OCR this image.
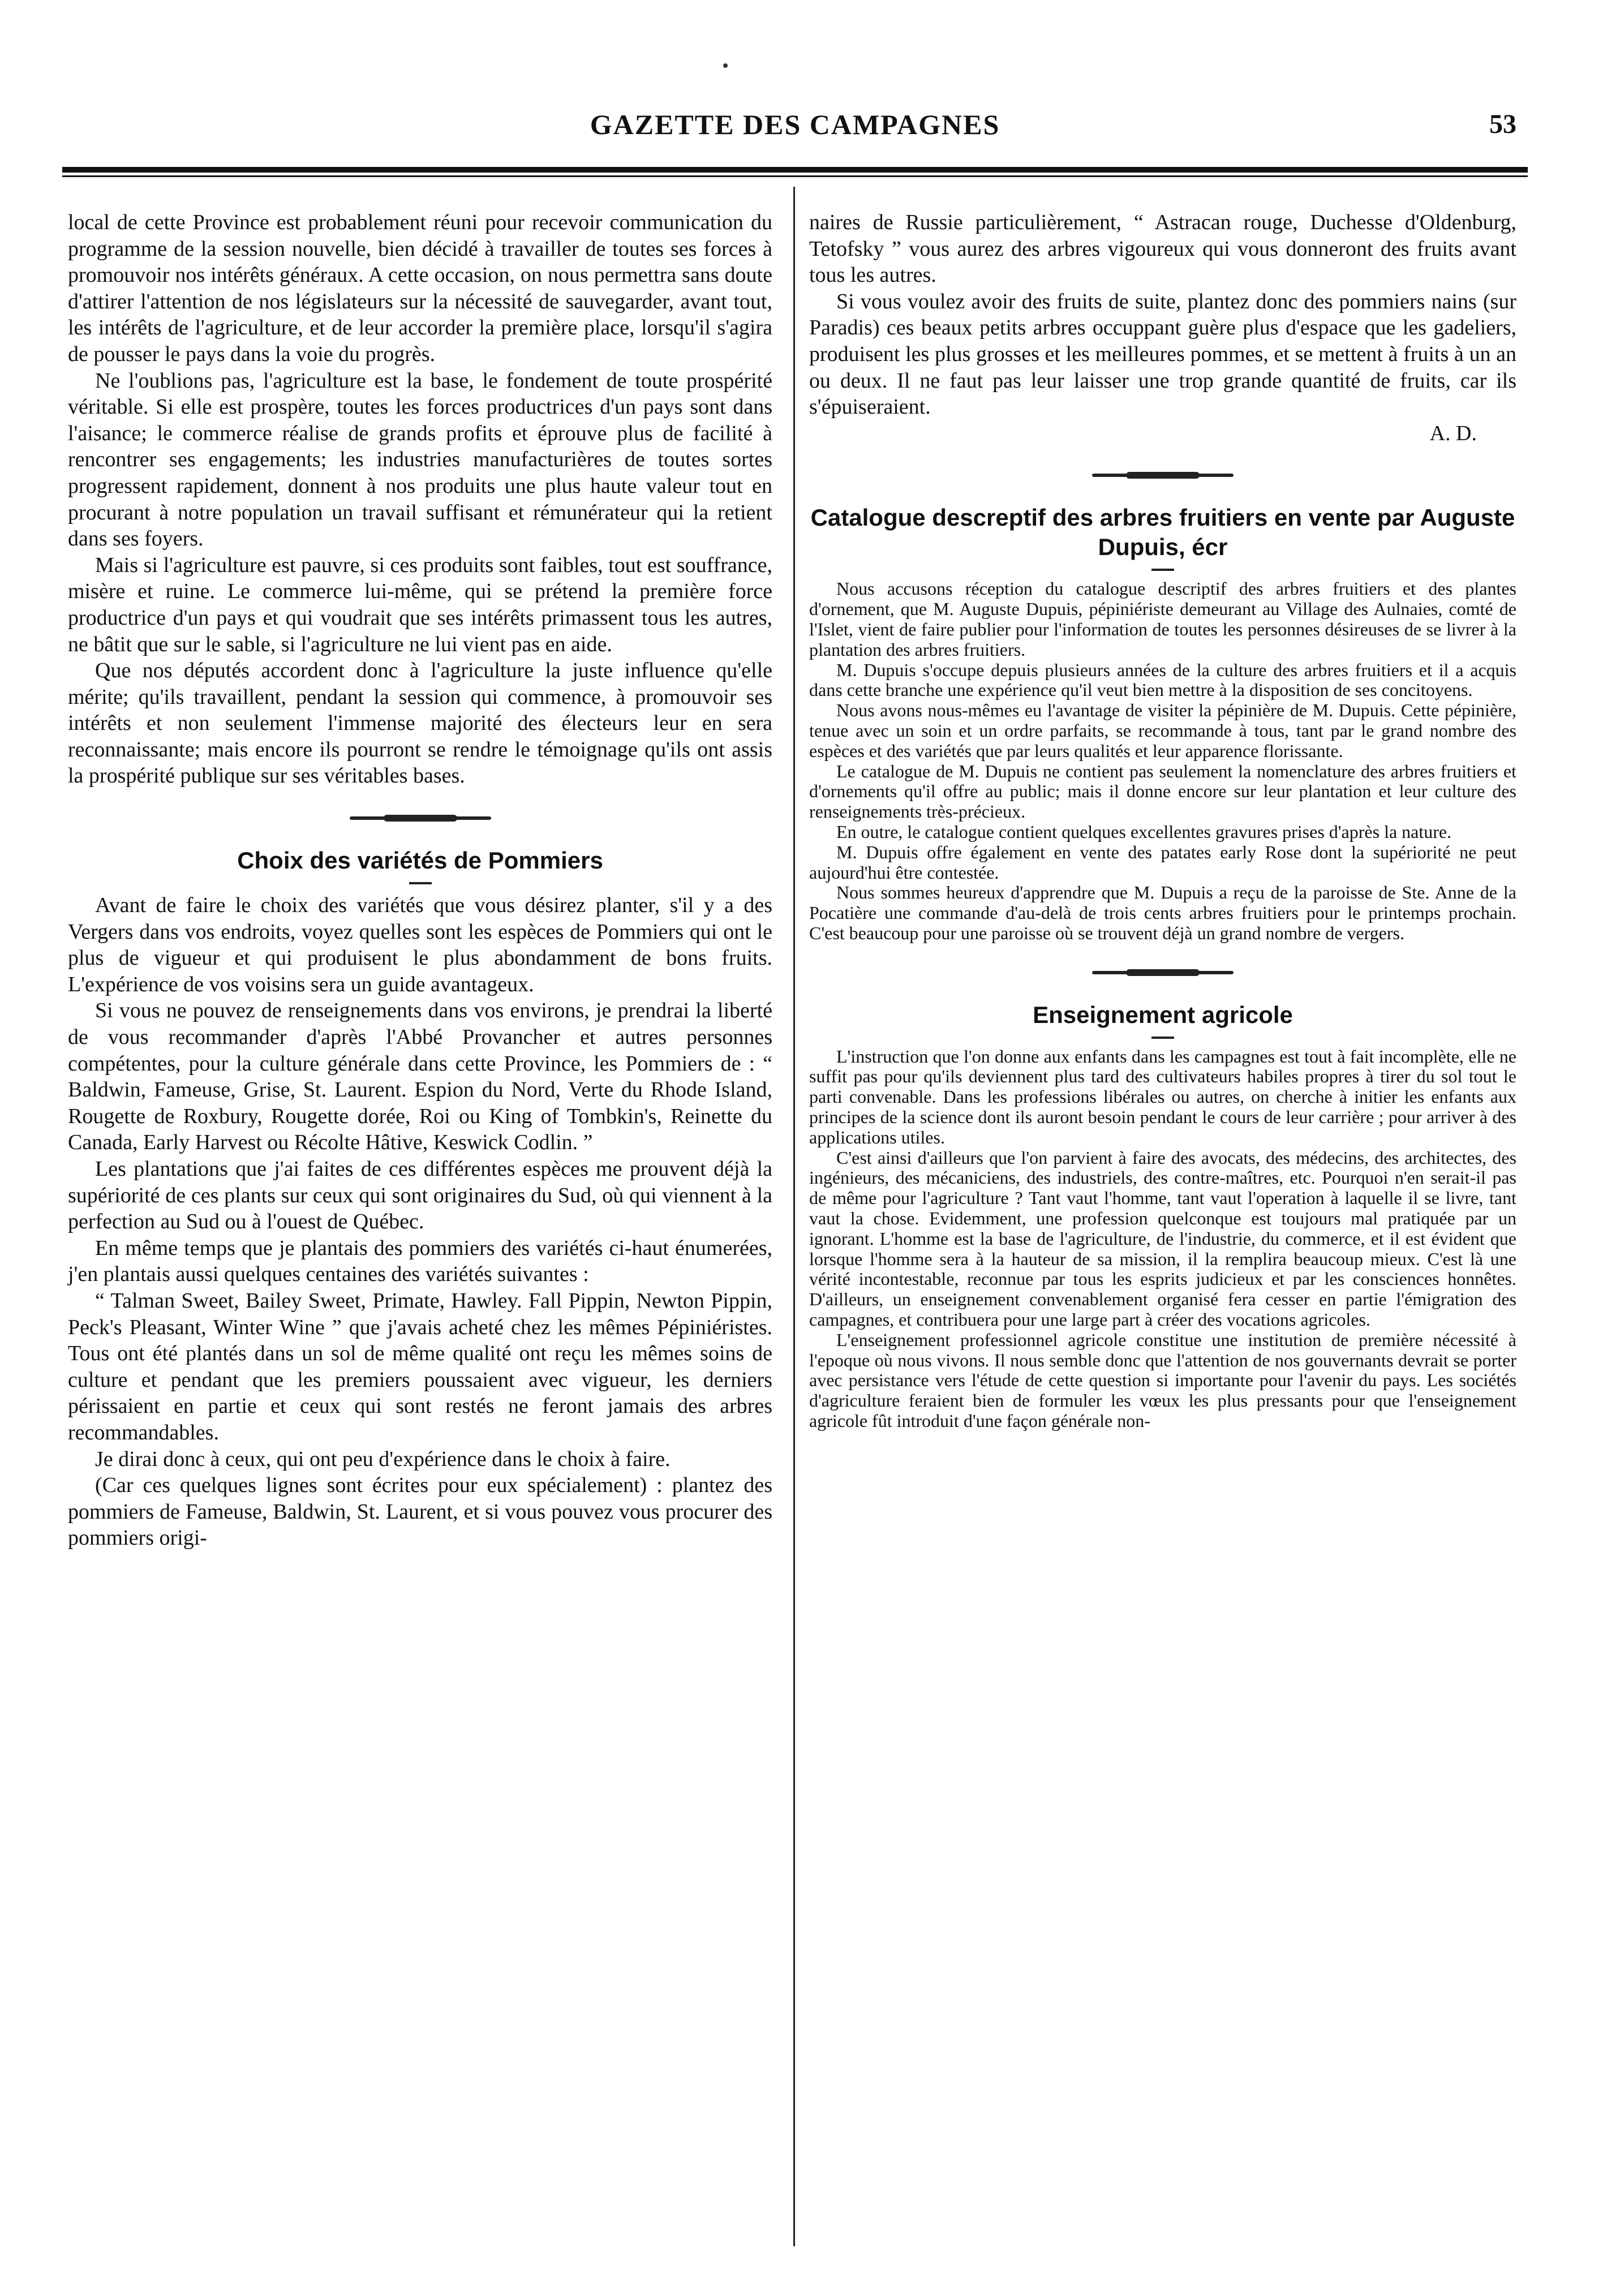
GAZETTE DES CAMPAGNES	53

local de cette Province est probablement réuni pour recevoir communication du programme de la session nouvelle, bien décidé à travailler de toutes ses forces à promouvoir nos intérêts généraux. A cette occasion, on nous permettra sans doute d'attirer l'attention de nos législateurs sur la nécessité de sauvegarder, avant tout, les intérêts de l'agriculture, et de leur accorder la première place, lorsqu'il s'agira de pousser le pays dans la voie du progrès.

Ne l'oublions pas, l'agriculture est la base, le fondement de toute prospérité véritable. Si elle est prospère, toutes les forces productrices d'un pays sont dans l'aisance; le commerce réalise de grands profits et éprouve plus de facilité à rencontrer ses engagements; les industries manufacturières de toutes sortes progressent rapidement, donnent à nos produits une plus haute valeur tout en procurant à notre population un travail suffisant et rémunérateur qui la retient dans ses foyers.

Mais si l'agriculture est pauvre, si ces produits sont faibles, tout est souffrance, misère et ruine. Le commerce lui-même, qui se prétend la première force productrice d'un pays et qui voudrait que ses intérêts primassent tous les autres, ne bâtit que sur le sable, si l'agriculture ne lui vient pas en aide.

Que nos députés accordent donc à l'agriculture la juste influence qu'elle mérite; qu'ils travaillent, pendant la session qui commence, à promouvoir ses intérêts et non seulement l'immense majorité des électeurs leur en sera reconnaissante; mais encore ils pourront se rendre le témoignage qu'ils ont assis la prospérité publique sur ses véritables bases.

Choix des variétés de Pommiers

Avant de faire le choix des variétés que vous désirez planter, s'il y a des Vergers dans vos endroits, voyez quelles sont les espèces de Pommiers qui ont le plus de vigueur et qui produisent le plus abondamment de bons fruits. L'expérience de vos voisins sera un guide avantageux.

Si vous ne pouvez de renseignements dans vos environs, je prendrai la liberté de vous recommander d'après l'Abbé Provancher et autres personnes compétentes, pour la culture générale dans cette Province, les Pommiers de : “ Baldwin, Fameuse, Grise, St. Laurent. Espion du Nord, Verte du Rhode Island, Rougette de Roxbury, Rougette dorée, Roi ou King of Tombkin's, Reinette du Canada, Early Harvest ou Récolte Hâtive, Keswick Codlin. ”

Les plantations que j'ai faites de ces différentes espèces me prouvent déjà la supériorité de ces plants sur ceux qui sont originaires du Sud, où qui viennent à la perfection au Sud ou à l'ouest de Québec.

En même temps que je plantais des pommiers des variétés ci-haut énumerées, j'en plantais aussi quelques centaines des variétés suivantes :

“ Talman Sweet, Bailey Sweet, Primate, Hawley. Fall Pippin, Newton Pippin, Peck's Pleasant, Winter Wine ” que j'avais acheté chez les mêmes Pépiniéristes. Tous ont été plantés dans un sol de même qualité ont reçu les mêmes soins de culture et pendant que les premiers poussaient avec vigueur, les derniers périssaient en partie et ceux qui sont restés ne feront jamais des arbres recommandables.

Je dirai donc à ceux, qui ont peu d'expérience dans le choix à faire.

(Car ces quelques lignes sont écrites pour eux spécialement) : plantez des pommiers de Fameuse, Baldwin, St. Laurent, et si vous pouvez vous procurer des pommiers origi-

naires de Russie particulièrement, “ Astracan rouge, Duchesse d'Oldenburg, Tetofsky ” vous aurez des arbres vigoureux qui vous donneront des fruits avant tous les autres.

Si vous voulez avoir des fruits de suite, plantez donc des pommiers nains (sur Paradis) ces beaux petits arbres occuppant guère plus d'espace que les gadeliers, produisent les plus grosses et les meilleures pommes, et se mettent à fruits à un an ou deux. Il ne faut pas leur laisser une trop grande quantité de fruits, car ils s'épuiseraient.

A. D.

Catalogue descreptif des arbres fruitiers en vente par Auguste Dupuis, écr

Nous accusons réception du catalogue descriptif des arbres fruitiers et des plantes d'ornement, que M. Auguste Dupuis, pépiniériste demeurant au Village des Aulnaies, comté de l'Islet, vient de faire publier pour l'information de toutes les personnes désireuses de se livrer à la plantation des arbres fruitiers.

M. Dupuis s'occupe depuis plusieurs années de la culture des arbres fruitiers et il a acquis dans cette branche une expérience qu'il veut bien mettre à la disposition de ses concitoyens.

Nous avons nous-mêmes eu l'avantage de visiter la pépinière de M. Dupuis. Cette pépinière, tenue avec un soin et un ordre parfaits, se recommande à tous, tant par le grand nombre des espèces et des variétés que par leurs qualités et leur apparence florissante.

Le catalogue de M. Dupuis ne contient pas seulement la nomenclature des arbres fruitiers et d'ornements qu'il offre au public; mais il donne encore sur leur plantation et leur culture des renseignements très-précieux.

En outre, le catalogue contient quelques excellentes gravures prises d'après la nature.

M. Dupuis offre également en vente des patates early Rose dont la supériorité ne peut aujourd'hui être contestée.

Nous sommes heureux d'apprendre que M. Dupuis a reçu de la paroisse de Ste. Anne de la Pocatière une commande d'au-delà de trois cents arbres fruitiers pour le printemps prochain. C'est beaucoup pour une paroisse où se trouvent déjà un grand nombre de vergers.

Enseignement agricole

L'instruction que l'on donne aux enfants dans les campagnes est tout à fait incomplète, elle ne suffit pas pour qu'ils deviennent plus tard des cultivateurs habiles propres à tirer du sol tout le parti convenable. Dans les professions libérales ou autres, on cherche à initier les enfants aux principes de la science dont ils auront besoin pendant le cours de leur carrière ; pour arriver à des applications utiles.

C'est ainsi d'ailleurs que l'on parvient à faire des avocats, des médecins, des architectes, des ingénieurs, des mécaniciens, des industriels, des contre-maîtres, etc. Pourquoi n'en serait-il pas de même pour l'agriculture ? Tant vaut l'homme, tant vaut l'operation à laquelle il se livre, tant vaut la chose. Evidemment, une profession quelconque est toujours mal pratiquée par un ignorant. L'homme est la base de l'agriculture, de l'industrie, du commerce, et il est évident que lorsque l'homme sera à la hauteur de sa mission, il la remplira beaucoup mieux. C'est là une vérité incontestable, reconnue par tous les esprits judicieux et par les consciences honnêtes. D'ailleurs, un enseignement convenablement organisé fera cesser en partie l'émigration des campagnes, et contribuera pour une large part à créer des vocations agricoles.

L'enseignement professionnel agricole constitue une institution de première nécessité à l'epoque où nous vivons. Il nous semble donc que l'attention de nos gouvernants devrait se porter avec persistance vers l'étude de cette question si importante pour l'avenir du pays. Les sociétés d'agriculture feraient bien de formuler les vœux les plus pressants pour que l'enseignement agricole fût introduit d'une façon générale non-
